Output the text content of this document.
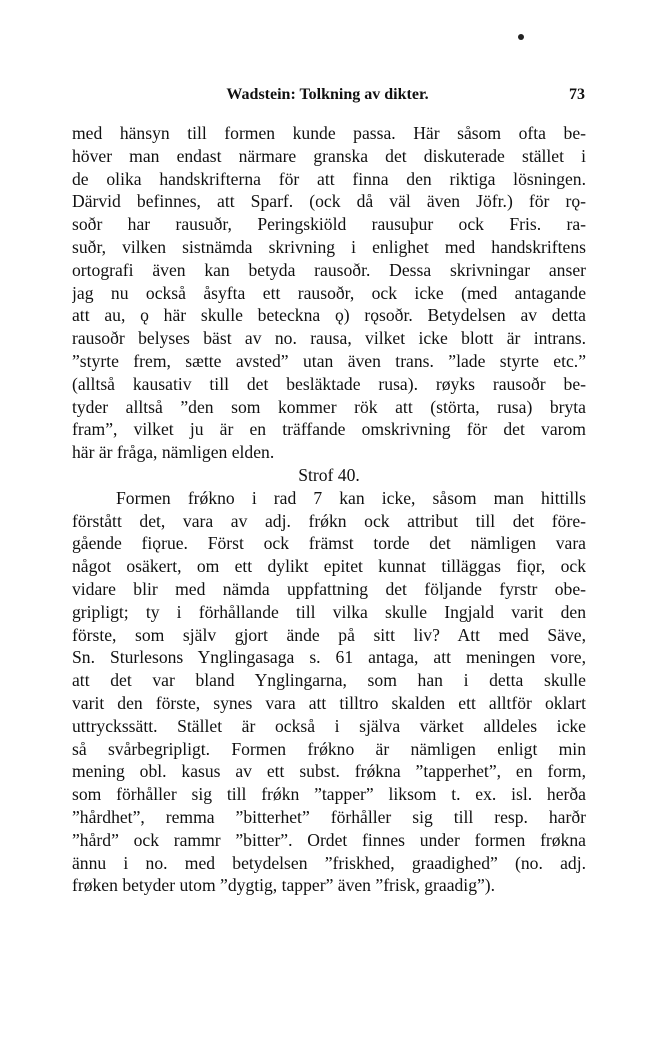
Wadstein: Tolkning av dikter.	73
med hänsyn till formen kunde passa. Här såsom ofta be-
höver man endast närmare granska det diskuterade stället i
de olika handskrifterna för att finna den riktiga lösningen.
Därvid befinnes, att Sparf. (ock då väl även Jöfr.) för rǫ-
soðr har rausuðr, Peringskiöld rausuþur ock Fris. ra-
suðr, vilken sistnämda skrivning i enlighet med handskriftens
ortografi även kan betyda rausoðr. Dessa skrivningar anser
jag nu också åsyfta ett rausoðr, ock icke (med antagande
att au, ǫ här skulle beteckna ǫ) rǫsoðr. Betydelsen av detta
rausoðr belyses bäst av no. rausa, vilket icke blott är intrans.
”styrte frem, sætte avsted” utan även trans. ”lade styrte etc.”
(alltså kausativ till det besläktade rusa). røyks rausoðr be-
tyder alltså ”den som kommer rök att (störta, rusa) bryta
fram”, vilket ju är en träffande omskrivning för det varom
här är fråga, nämligen elden.
Strof 40.
Formen frǿkno i rad 7 kan icke, såsom man hittills
förstått det, vara av adj. frǿkn ock attribut till det före-
gående fiǫrue. Först ock främst torde det nämligen vara
något osäkert, om ett dylikt epitet kunnat tilläggas fiǫr, ock
vidare blir med nämda uppfattning det följande fyrstr obe-
gripligt; ty i förhållande till vilka skulle Ingjald varit den
förste, som själv gjort ände på sitt liv? Att med Säve,
Sn. Sturlesons Ynglingasaga s. 61 antaga, att meningen vore,
att det var bland Ynglingarna, som han i detta skulle
varit den förste, synes vara att tilltro skalden ett alltför oklart
uttryckssätt. Stället är också i själva värket alldeles icke
så svårbegripligt. Formen frǿkno är nämligen enligt min
mening obl. kasus av ett subst. frǿkna ”tapperhet”, en form,
som förhåller sig till frǿkn ”tapper” liksom t. ex. isl. herða
”hårdhet”, remma ”bitterhet” förhåller sig till resp. harðr
”hård” ock rammr ”bitter”. Ordet finnes under formen frøkna
ännu i no. med betydelsen ”friskhed, graadighed” (no. adj.
frøken betyder utom ”dygtig, tapper” även ”frisk, graadig”).
